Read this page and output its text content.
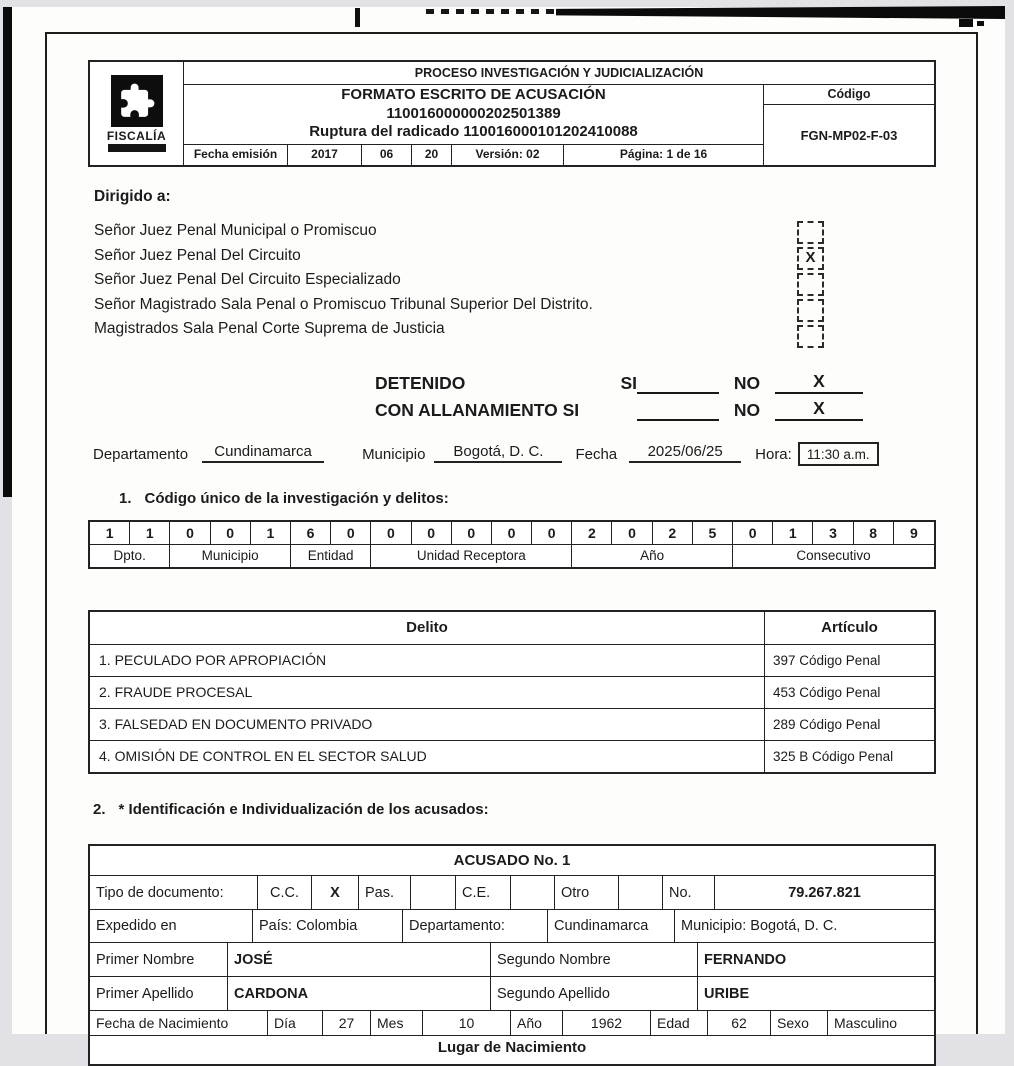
FISCALÍA
PROCESO INVESTIGACIÓN Y JUDICIALIZACIÓN
FORMATO ESCRITO DE ACUSACIÓN
110016000000202501389
Ruptura del radicado 110016000101202410088
Fecha emisión	2017	06	20	Versión: 02	Página: 1 de 16
Código
FGN-MP02-F-03
Dirigido a:
Señor Juez Penal Municipal o Promiscuo
Señor Juez Penal Del Circuito
Señor Juez Penal Del Circuito Especializado
Señor Magistrado Sala Penal o Promiscuo Tribunal Superior Del Distrito.
Magistrados Sala Penal Corte Suprema de Justicia
X
DETENIDO	SI	NO	X
CON ALLANAMIENTO SI	NO	X
Departamento	Cundinamarca	Municipio	Bogotá, D. C.	Fecha	2025/06/25	Hora:	11:30 a.m.
1. Código único de la investigación y delitos:
1	1	0	0	1	6	0	0	0	0	0	0	2	0	2	5	0	1	3	8	9
Dpto.	Municipio	Entidad	Unidad Receptora	Año	Consecutivo
Delito	Artículo
1. PECULADO POR APROPIACIÓN	397 Código Penal
2. FRAUDE PROCESAL	453 Código Penal
3. FALSEDAD EN DOCUMENTO PRIVADO	289 Código Penal
4. OMISIÓN DE CONTROL EN EL SECTOR SALUD	325 B Código Penal
2. * Identificación e Individualización de los acusados:
ACUSADO No. 1
Tipo de documento:	C.C.	X	Pas.	C.E.	Otro	No.	79.267.821
Expedido en	País: Colombia	Departamento:	Cundinamarca	Municipio: Bogotá, D. C.
Primer Nombre	JOSÉ	Segundo Nombre	FERNANDO
Primer Apellido	CARDONA	Segundo Apellido	URIBE
Fecha de Nacimiento	Día	27	Mes	10	Año	1962	Edad	62	Sexo	Masculino
Lugar de Nacimiento
